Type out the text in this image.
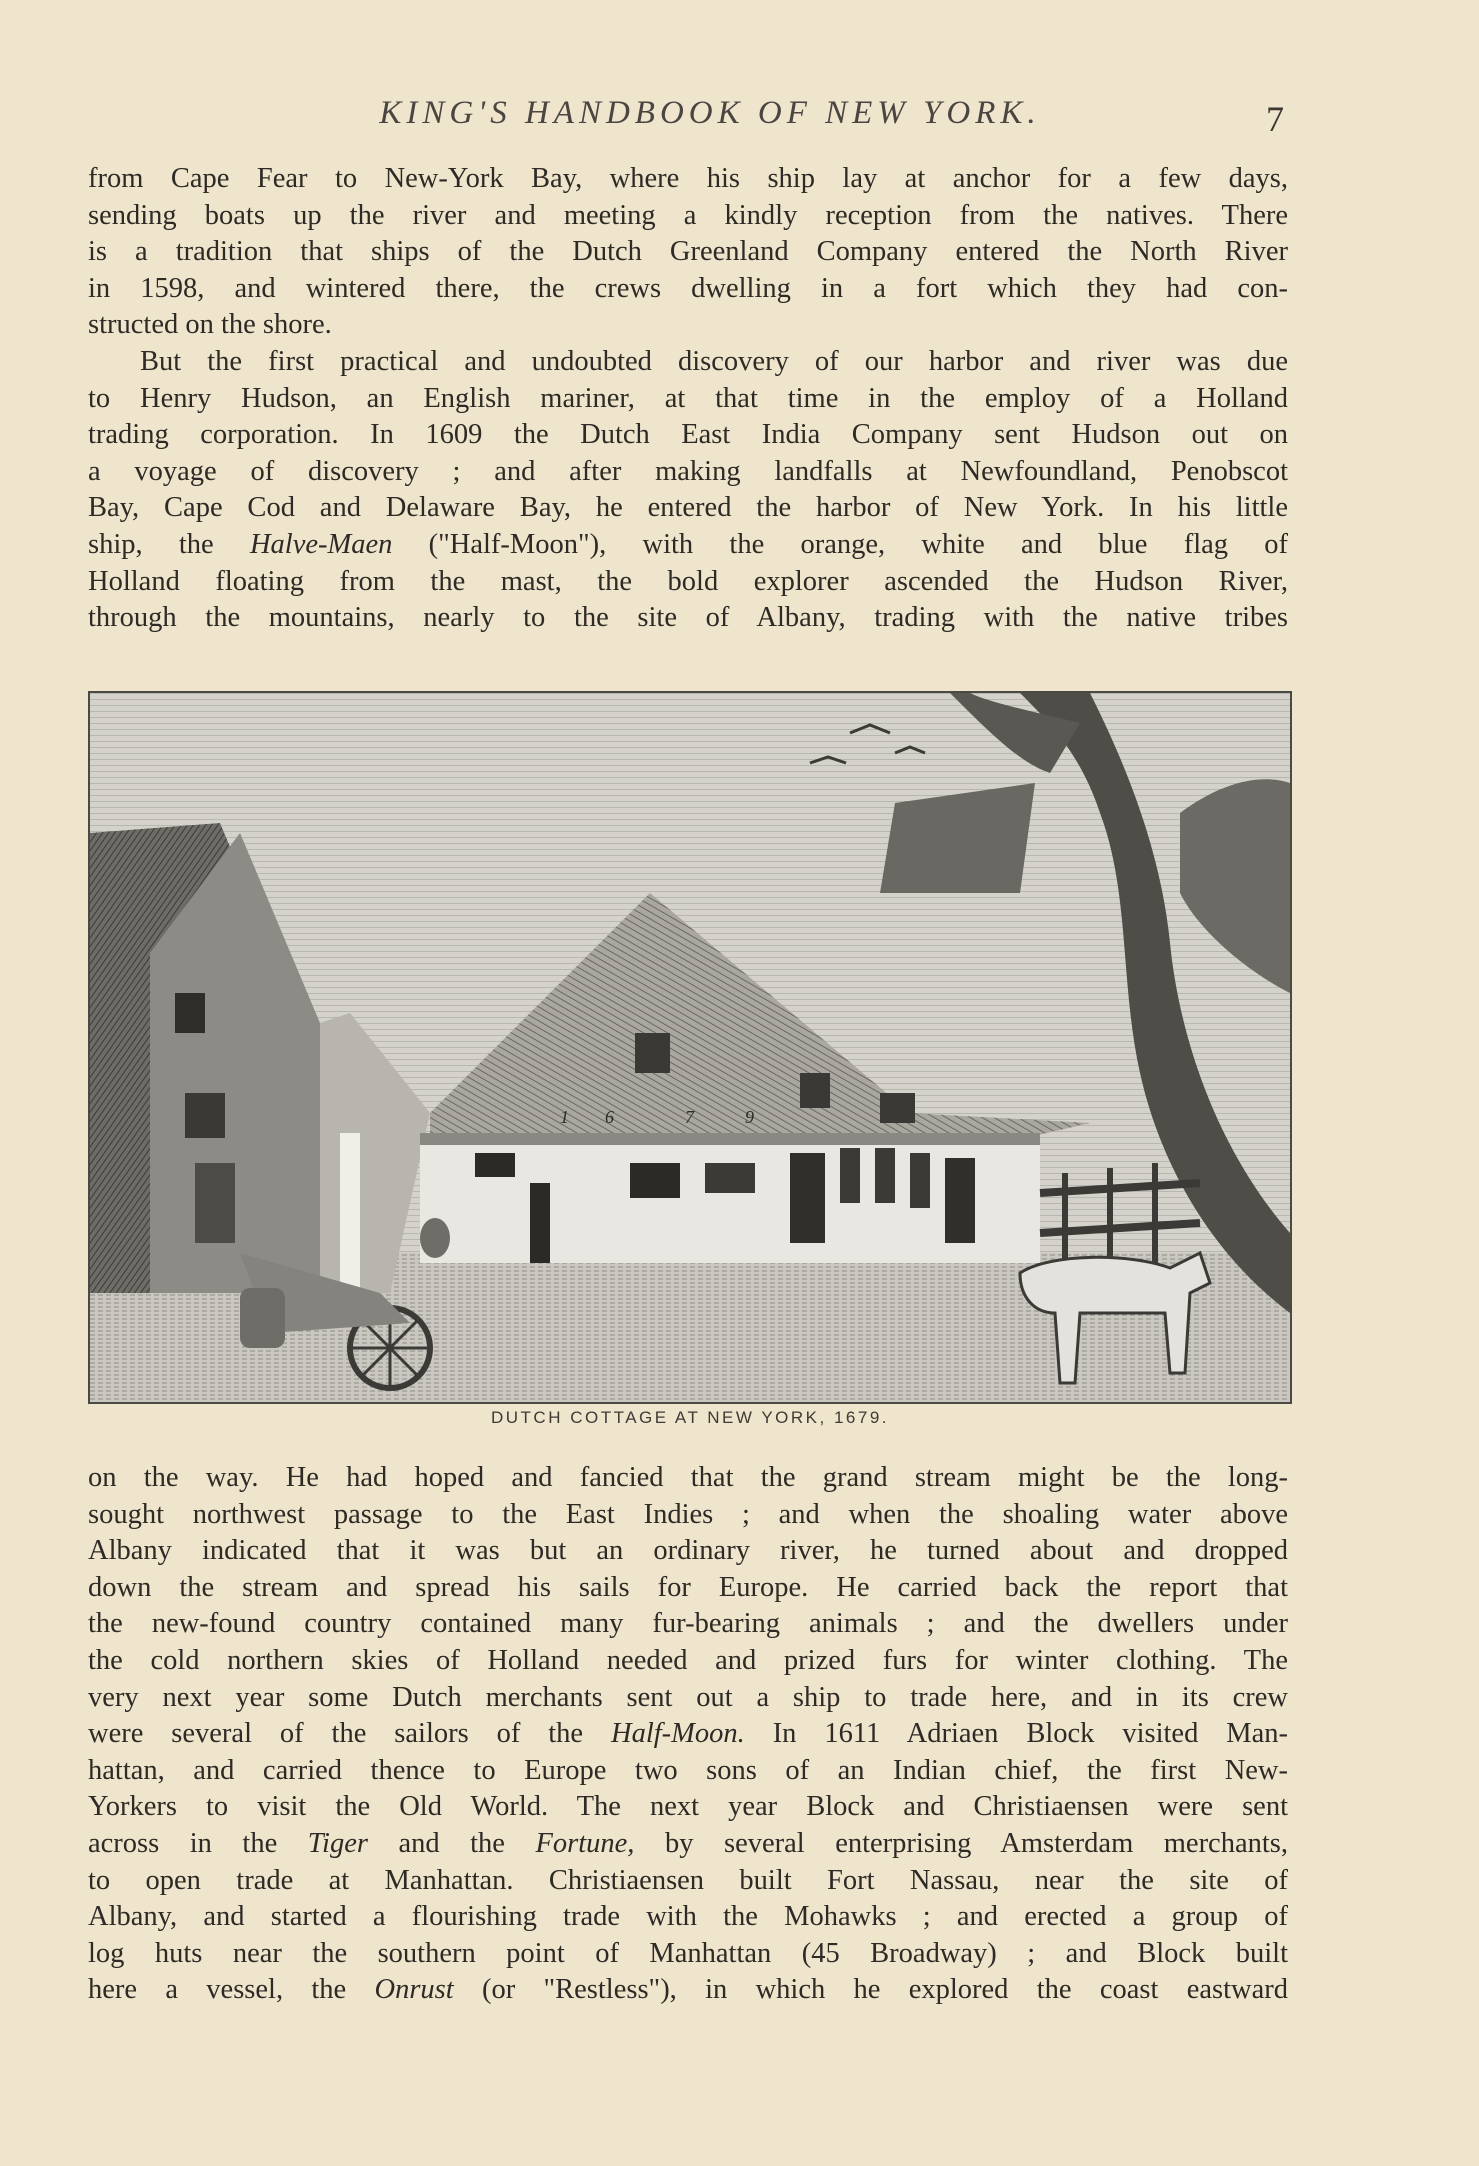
KING'S HANDBOOK OF NEW YORK.	7
from Cape Fear to New-York Bay, where his ship lay at anchor for a few days,
sending boats up the river and meeting a kindly reception from the natives. There
is a tradition that ships of the Dutch Greenland Company entered the North River
in 1598, and wintered there, the crews dwelling in a fort which they had con-
structed on the shore.
But the first practical and undoubted discovery of our harbor and river was due
to Henry Hudson, an English mariner, at that time in the employ of a Holland
trading corporation. In 1609 the Dutch East India Company sent Hudson out on
a voyage of discovery ; and after making landfalls at Newfoundland, Penobscot
Bay, Cape Cod and Delaware Bay, he entered the harbor of New York. In his little
ship, the Halve-Maen ("Half-Moon"), with the orange, white and blue flag of
Holland floating from the mast, the bold explorer ascended the Hudson River,
through the mountains, nearly to the site of Albany, trading with the native tribes
1 6	7	9
DUTCH COTTAGE AT NEW YORK, 1679.
on the way. He had hoped and fancied that the grand stream might be the long-
sought northwest passage to the East Indies ; and when the shoaling water above
Albany indicated that it was but an ordinary river, he turned about and dropped
down the stream and spread his sails for Europe. He carried back the report that
the new-found country contained many fur-bearing animals ; and the dwellers under
the cold northern skies of Holland needed and prized furs for winter clothing. The
very next year some Dutch merchants sent out a ship to trade here, and in its crew
were several of the sailors of the Half-Moon. In 1611 Adriaen Block visited Man-
hattan, and carried thence to Europe two sons of an Indian chief, the first New-
Yorkers to visit the Old World. The next year Block and Christiaensen were sent
across in the Tiger and the Fortune, by several enterprising Amsterdam merchants,
to open trade at Manhattan. Christiaensen built Fort Nassau, near the site of
Albany, and started a flourishing trade with the Mohawks ; and erected a group of
log huts near the southern point of Manhattan (45 Broadway) ; and Block built
here a vessel, the Onrust (or "Restless"), in which he explored the coast eastward
